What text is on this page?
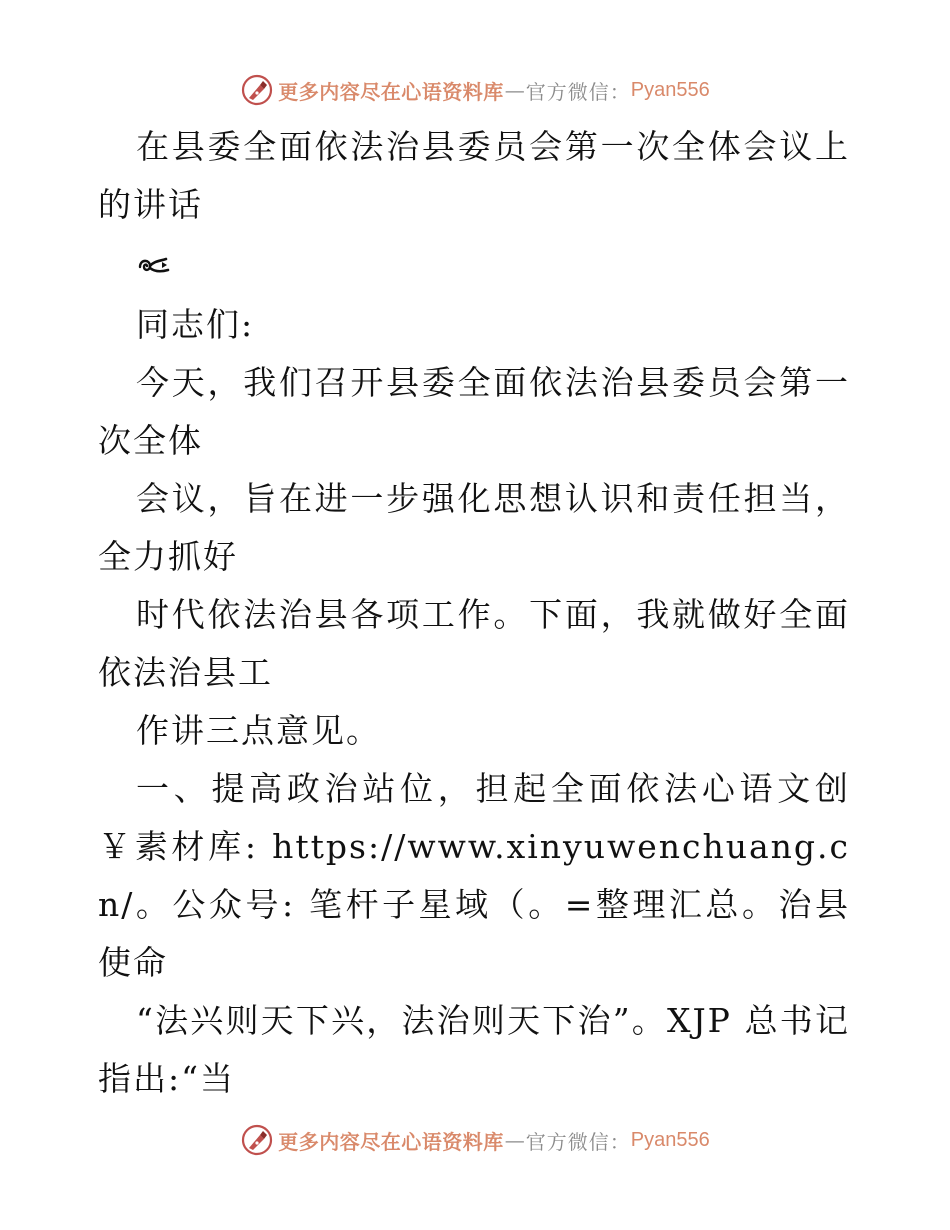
更多内容尽在心语资料库 — 官方微信： Pyan556

在县委全面依法治县委员会第一次全体会议上的讲话

同志们:

今天，我们召开县委全面依法治县委员会第一次全体

会议，旨在进一步强化思想认识和责任担当，全力抓好

时代依法治县各项工作。下面，我就做好全面依法治县工

作讲三点意见。

一、提高政治站位，担起全面依法心语文创￥素材库: https://www.xinyuwenchuang.cn/。公众号: 笔杆子星域（。=整理汇总。治县使命

“法兴则天下兴，法治则天下治”。XJP 总书记指出:“当

更多内容尽在心语资料库 — 官方微信： Pyan556
